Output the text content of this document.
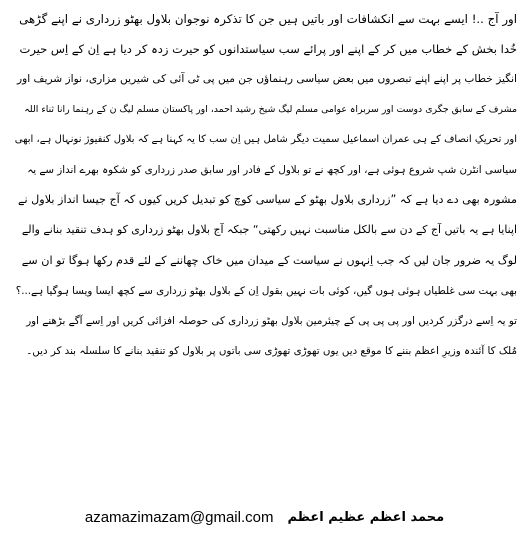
اور آج ..! ایسے بہت سے انکشافات اور باتیں ہیں جن کا تذکرہ نوجوان بلاول بھٹو زرداری نے اپنے گڑھی
خُدا بخش کے خطاب میں کر کے اپنے اور پرائے سب سیاستدانوں کو حیرت زدہ کر دیا ہے اِن کے اِس حیرت
انگیز خطاب پر اپنے اپنے تبصروں میں بعض سیاسی رہنماؤں جن میں پی ٹی آئی کی شیریں مزاری، نواز شریف اور
مشرف کے سابق جگری دوست اور سربراہ عوامی مسلم لیگ شیخ رشید احمد، اور پاکستان مسلم لیگ ن کے رہنما رانا ثناء اللہ
اور تحریکِ انصاف کے ہی عمران اسماعیل سمیت دیگر شامل ہیں اِن سب کا یہ کہنا ہے کہ بلاول کنفیوژ نونہال ہے، ابھی
سیاسی انٹرن شپ شروع ہوئی ہے، اور کچھ نے تو بلاول کے فادر اور سابق صدر زرداری کو شکوہ بھرے انداز سے یہ
مشورہ بھی دے دیا ہے کہ ”زرداری بلاول بھٹو کے سیاسی کوچ کو تبدیل کریں کیوں کہ آج جیسا انداز بلاول نے
اپنایا ہے یہ باتیں آج کے دن سے بالکل مناسبت نہیں رکھتی“ جبکہ آج بلاول بھٹو زرداری کو ہدف تنقید بنانے والے
لوگ یہ ضرور جان لیں کہ جب اِنہوں نے سیاست کے میدان میں خاک چھاننے کے لئے قدم رکھا ہوگا تو ان سے
بھی بہت سی غلطیاں ہوئی ہوں گیں، کوئی بات نہیں بقول اِن کے بلاول بھٹو زرداری سے کچھ ایسا ویسا ہوگیا ہے...؟
تو یہ اِسے درگزر کردیں اور پی پی پی کے چیئرمین بلاول بھٹو زرداری کی حوصلہ افزائی کریں اور اِسے آگے بڑھنے اور
مُلک کا آئندہ وزیرِ اعظم بننے کا موقع دیں یوں تھوڑی تھوڑی سی باتوں پر بلاول کو تنقید بنانے کا سلسلہ بند کر دیں۔
azamazimazam@gmail.com محمد اعظم عظیم اعظم
